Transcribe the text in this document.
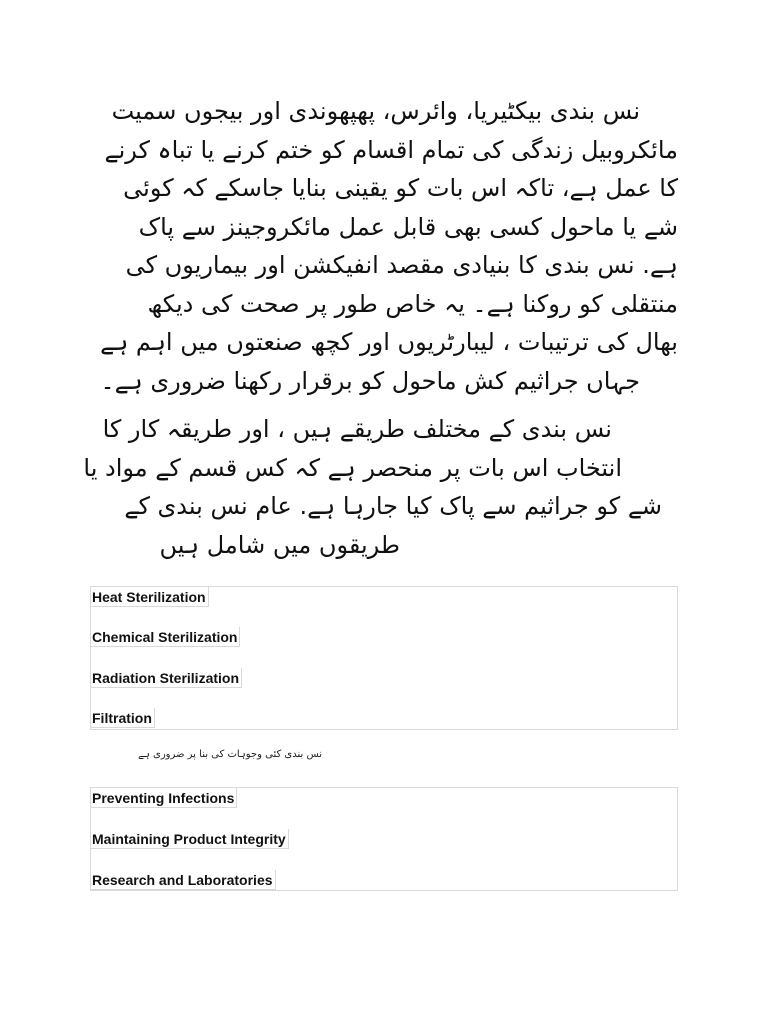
نس بندی بیکٹیریا، وائرس، پھپھوندی اور بیجوں سمیت
مائکروبیل زندگی کی تمام اقسام کو ختم کرنے یا تباہ کرنے
کا عمل ہے، تاکہ اس بات کو یقینی بنایا جاسکے کہ کوئی
شے یا ماحول کسی بھی قابل عمل مائکروجینز سے پاک
ہے. نس بندی کا بنیادی مقصد انفیکشن اور بیماریوں کی
منتقلی کو روکنا ہے۔ یہ خاص طور پر صحت کی دیکھ
بھال کی ترتیبات ، لیبارٹریوں اور کچھ صنعتوں میں اہم ہے
جہاں جراثیم کش ماحول کو برقرار رکھنا ضروری ہے۔
نس بندی کے مختلف طریقے ہیں ، اور طریقہ کار کا
انتخاب اس بات پر منحصر ہے کہ کس قسم کے مواد یا
شے کو جراثیم سے پاک کیا جارہا ہے. عام نس بندی کے
طریقوں میں شامل ہیں
Heat Sterilization
Chemical Sterilization
Radiation Sterilization
Filtration
نس بندی کئی وجوہات کی بنا پر ضروری ہے
Preventing Infections
Maintaining Product Integrity
Research and Laboratories
